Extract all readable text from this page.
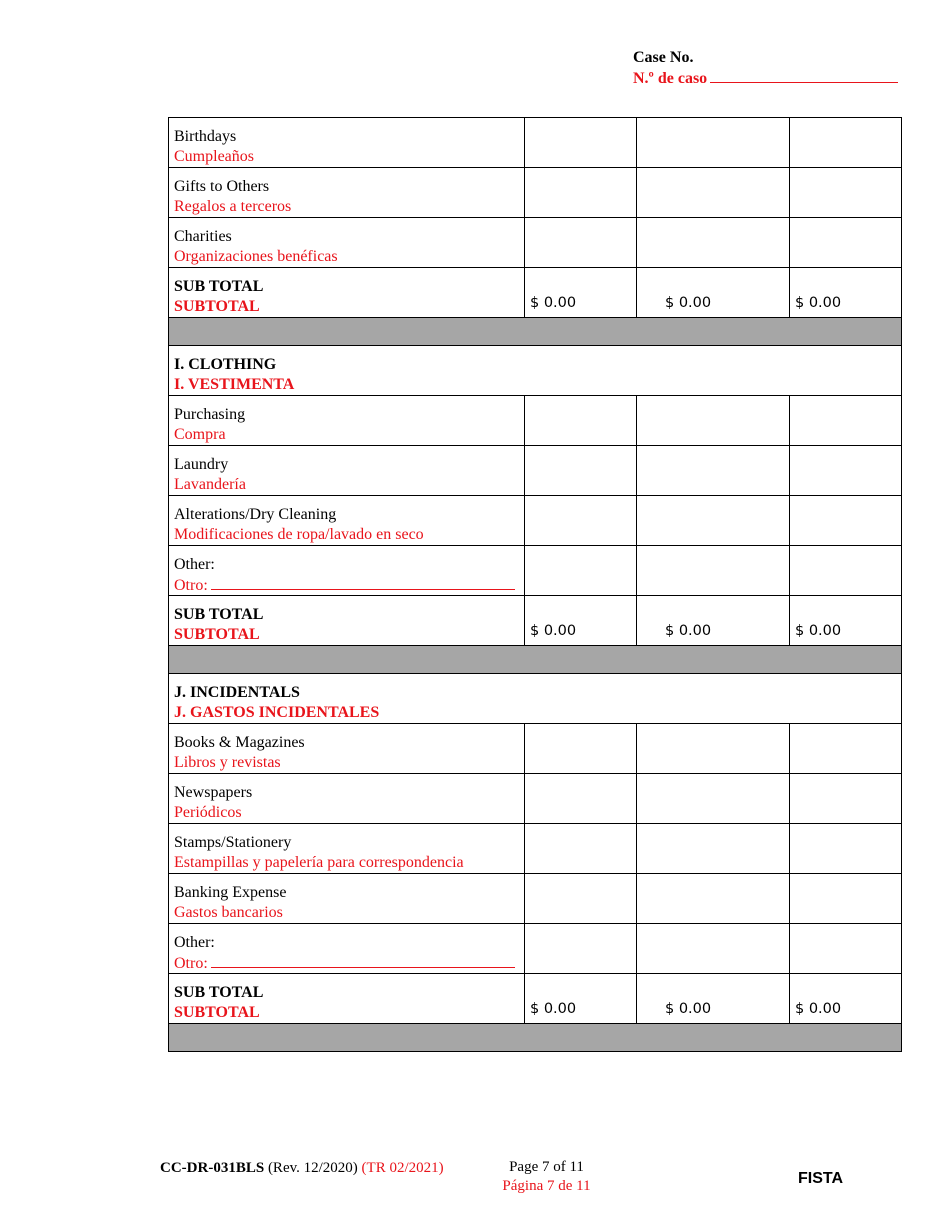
Case No.
N.º de caso
Birthdays
Cumpleaños			

Gifts to Others
Regalos a terceros			

Charities
Organizaciones benéficas			

SUB TOTAL
SUBTOTAL	$ 0.00	$ 0.00	$ 0.00

I. CLOTHING
I. VESTIMENTA			

Purchasing
Compra			

Laundry
Lavandería			

Alterations/Dry Cleaning
Modificaciones de ropa/lavado en seco			

Other:
Otro:			

SUB TOTAL
SUBTOTAL	$ 0.00	$ 0.00	$ 0.00

J. INCIDENTALS
J. GASTOS INCIDENTALES			

Books & Magazines
Libros y revistas			

Newspapers
Periódicos			

Stamps/Stationery
Estampillas y papelería para correspondencia			

Banking Expense
Gastos bancarios			

Other:
Otro:			

SUB TOTAL
SUBTOTAL	$ 0.00	$ 0.00	$ 0.00

CC-DR-031BLS (Rev. 12/2020) (TR 02/2021)	Page 7 of 11
Página 7 de 11	FISTA
